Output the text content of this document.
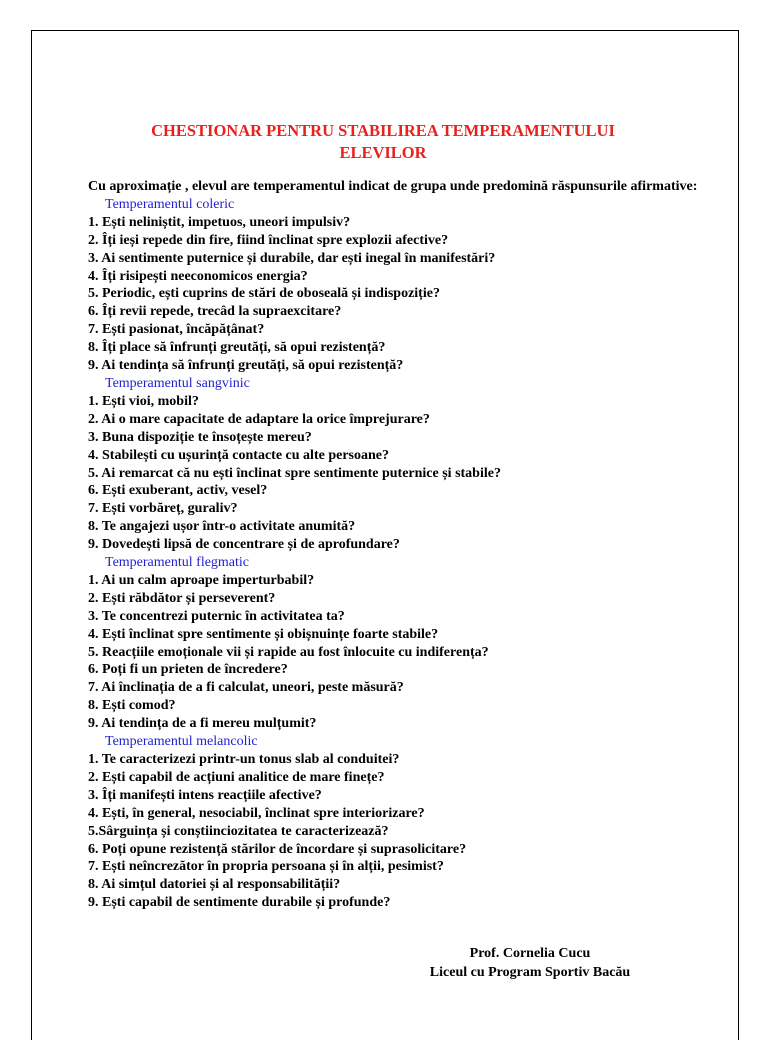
CHESTIONAR PENTRU STABILIREA TEMPERAMENTULUI
ELEVILOR

Cu aproximație , elevul are temperamentul indicat de grupa unde predomină răspunsurile afirmative:

Temperamentul coleric
1. Ești neliniștit, impetuos, uneori impulsiv?
2. Îți ieși repede din fire, fiind înclinat spre explozii afective?
3. Ai sentimente puternice și durabile, dar ești inegal în manifestări?
4. Îți risipești neeconomicos energia?
5. Periodic, ești cuprins de stări de oboseală și indispoziție?
6. Îți revii repede, trecâd la supraexcitare?
7. Ești pasionat, încăpățânat?
8. Îți place să înfrunți greutăți, să opui rezistență?
9. Ai tendința să înfrunți greutăți, să opui rezistență?
Temperamentul sangvinic
1. Ești vioi, mobil?
2. Ai o mare capacitate de adaptare la orice împrejurare?
3. Buna dispoziție te însoțește mereu?
4. Stabilești cu ușurință contacte cu alte persoane?
5. Ai remarcat că nu ești înclinat spre sentimente puternice și stabile?
6. Ești exuberant, activ, vesel?
7. Ești vorbăreț, guraliv?
8. Te angajezi ușor într-o activitate anumită?
9. Dovedești lipsă de concentrare și de aprofundare?
Temperamentul flegmatic
1. Ai un calm aproape imperturbabil?
2. Ești răbdător și perseverent?
3. Te concentrezi puternic în activitatea ta?
4. Ești înclinat spre sentimente și obișnuințe foarte stabile?
5. Reacțiile emoționale vii și rapide au fost înlocuite cu indiferența?
6. Poți fi un prieten de încredere?
7. Ai înclinația de a fi calculat, uneori, peste măsură?
8. Ești comod?
9. Ai tendința de a fi mereu mulțumit?
Temperamentul melancolic
1. Te caracterizezi printr-un tonus slab al conduitei?
2. Ești capabil de acțiuni analitice de mare finețe?
3. Îți manifești intens reacțiile afective?
4. Ești, în general, nesociabil, înclinat spre interiorizare?
5.Sârguința și conștiinciozitatea te caracterizează?
6. Poți opune rezistență stărilor de încordare și suprasolicitare?
7. Ești neîncrezător în propria persoana și în alții, pesimist?
8. Ai simțul datoriei și al responsabilității?
9. Ești capabil de sentimente durabile și profunde?
Prof. Cornelia Cucu
Liceul cu Program Sportiv Bacău
